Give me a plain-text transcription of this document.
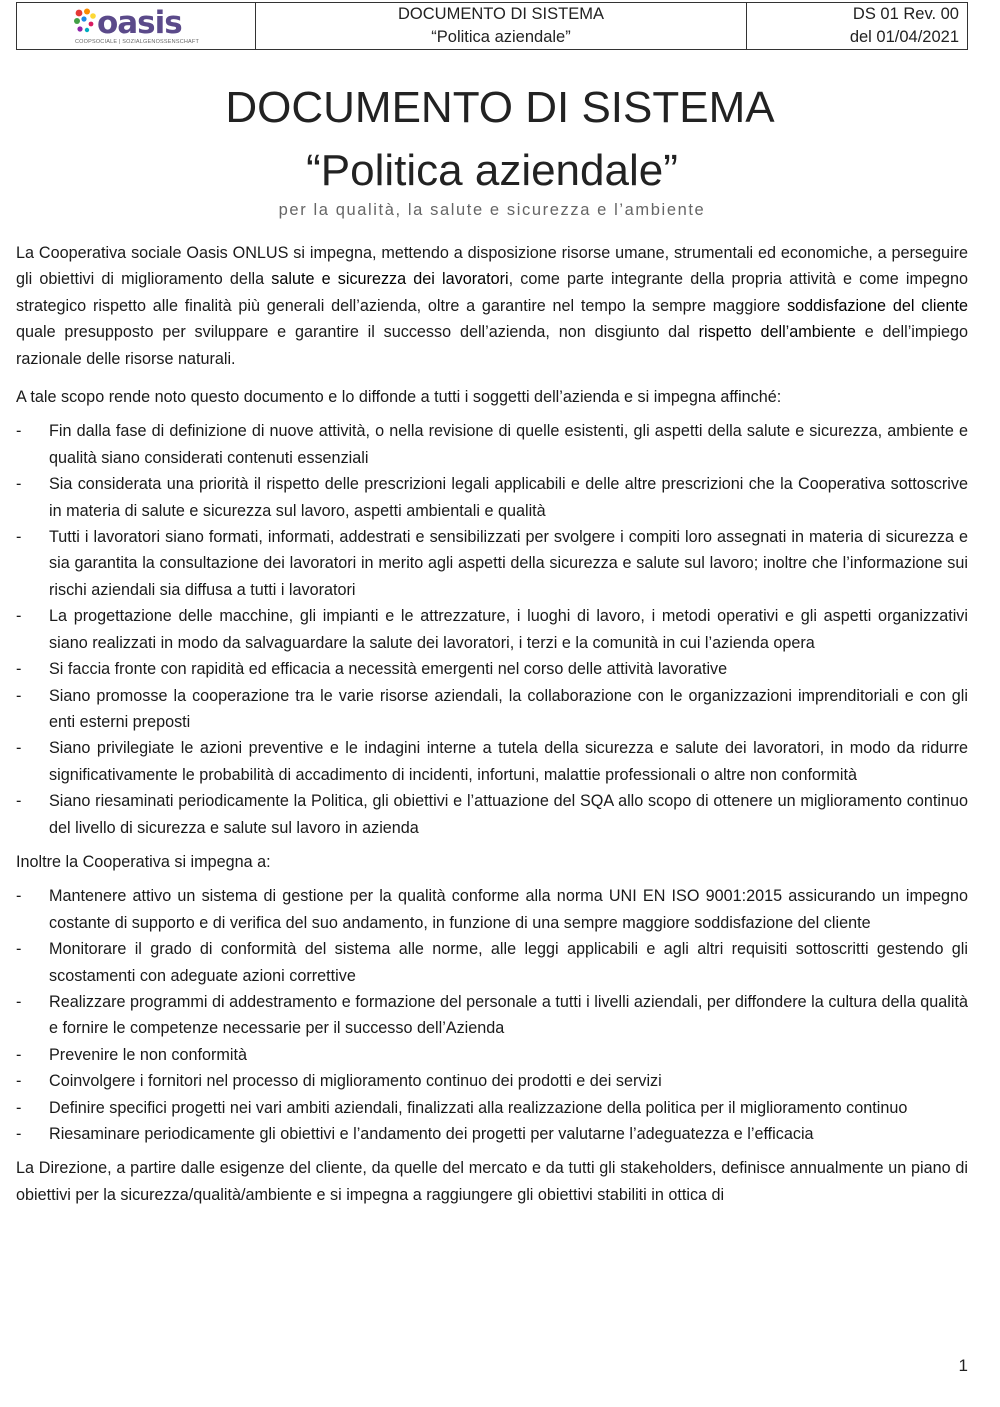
oasis
COOPSOCIALE | SOZIALGENOSSENSCHAFT
DOCUMENTO DI SISTEMA
“Politica aziendale”
DS 01 Rev. 00
del 01/04/2021
DOCUMENTO DI SISTEMA
“Politica aziendale”
per la qualità, la salute e sicurezza e l’ambiente

La Cooperativa sociale Oasis ONLUS si impegna, mettendo a disposizione risorse umane, strumentali ed economiche, a perseguire gli obiettivi di miglioramento della salute e sicurezza dei lavoratori, come parte integrante della propria attività e come impegno strategico rispetto alle finalità più generali dell’azienda, oltre a garantire nel tempo la sempre maggiore soddisfazione del cliente quale presupposto per sviluppare e garantire il successo dell’azienda, non disgiunto dal rispetto dell’ambiente e dell’impiego razionale delle risorse naturali.

A tale scopo rende noto questo documento e lo diffonde a tutti i soggetti dell’azienda e si impegna affinché:

- Fin dalla fase di definizione di nuove attività, o nella revisione di quelle esistenti, gli aspetti della salute e sicurezza, ambiente e qualità siano considerati contenuti essenziali
- Sia considerata una priorità il rispetto delle prescrizioni legali applicabili e delle altre prescrizioni che la Cooperativa sottoscrive in materia di salute e sicurezza sul lavoro, aspetti ambientali e qualità
- Tutti i lavoratori siano formati, informati, addestrati e sensibilizzati per svolgere i compiti loro assegnati in materia di sicurezza e sia garantita la consultazione dei lavoratori in merito agli aspetti della sicurezza e salute sul lavoro; inoltre che l’informazione sui rischi aziendali sia diffusa a tutti i lavoratori
- La progettazione delle macchine, gli impianti e le attrezzature, i luoghi di lavoro, i metodi operativi e gli aspetti organizzativi siano realizzati in modo da salvaguardare la salute dei lavoratori, i terzi e la comunità in cui l’azienda opera
- Si faccia fronte con rapidità ed efficacia a necessità emergenti nel corso delle attività lavorative
- Siano promosse la cooperazione tra le varie risorse aziendali, la collaborazione con le organizzazioni imprenditoriali e con gli enti esterni preposti
- Siano privilegiate le azioni preventive e le indagini interne a tutela della sicurezza e salute dei lavoratori, in modo da ridurre significativamente le probabilità di accadimento di incidenti, infortuni, malattie professionali o altre non conformità
- Siano riesaminati periodicamente la Politica, gli obiettivi e l’attuazione del SQA allo scopo di ottenere un miglioramento continuo del livello di sicurezza e salute sul lavoro in azienda

Inoltre la Cooperativa si impegna a:

- Mantenere attivo un sistema di gestione per la qualità conforme alla norma UNI EN ISO 9001:2015 assicurando un impegno costante di supporto e di verifica del suo andamento, in funzione di una sempre maggiore soddisfazione del cliente
- Monitorare il grado di conformità del sistema alle norme, alle leggi applicabili e agli altri requisiti sottoscritti gestendo gli scostamenti con adeguate azioni correttive
- Realizzare programmi di addestramento e formazione del personale a tutti i livelli aziendali, per diffondere la cultura della qualità e fornire le competenze necessarie per il successo dell’Azienda
- Prevenire le non conformità
- Coinvolgere i fornitori nel processo di miglioramento continuo dei prodotti e dei servizi
- Definire specifici progetti nei vari ambiti aziendali, finalizzati alla realizzazione della politica per il miglioramento continuo
- Riesaminare periodicamente gli obiettivi e l’andamento dei progetti per valutarne l’adeguatezza e l’efficacia

La Direzione, a partire dalle esigenze del cliente, da quelle del mercato e da tutti gli stakeholders, definisce annualmente un piano di obiettivi per la sicurezza/qualità/ambiente e si impegna a raggiungere gli obiettivi stabiliti in ottica di

1
